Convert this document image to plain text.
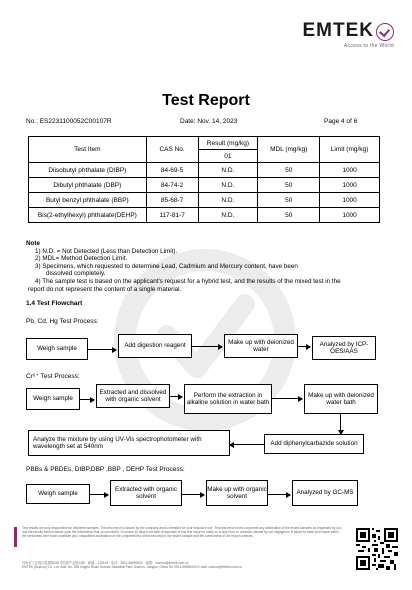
EMTEK
Access to the World
Test Report
No.: ES2231100052C00107R	Date: Nov. 14, 2023	Page 4 of 6
Test Item	CAS No.	Result (mg/kg)	MDL (mg/kg)	Limit (mg/kg)
		01		
Diisobutyl phthalate (DIBP)	84-69-5	N.D.	50	1000
Dibutyl phthalate (DBP)	84-74-2	N.D.	50	1000
Butyl benzyl phthalate (BBP)	85-68-7	N.D.	50	1000
Bis(2-ethylhexyl) phthalate(DEHP)	117-81-7	N.D.	50	1000
Note
1) N.D. = Not Detected (Less than Detection Limit).
2) MDL= Method Detection Limit.
3) Specimens, which requested to determine Lead, Cadmium and Mercury content, have been
dissolved completely.
4) The sample test is based on the applicant's request for a hybrid test, and the results of the mixed test in the
report do not represent the content of a single material.
1.4 Test Flowchart
Pb, Cd, Hg Test Process:
Weigh sample	Add digestion reagent
Make up with deionized water
Analyzed by ICP-OES/AAS
Cr⁶⁺ Test Process:
Weigh sample
Extracted and dissolved with organic solvent
Perform the extraction in alkaline solution in water bath
Make up with deionized water bath
Add diphenylcarbazide solution
Analyze the mixture by using UV-Vis spectrophotometer with wavelength set at 540nm
PBBs & PBDEs, DIBP,DBP ,BBP , DEHP Test Process:
Weigh sample
Extracted with organic solvent
Make up with organic solvent
Analyzed by GC-MS
Test results are only responsible for delivered samples. This test report is issued by the company and is intended for your exclusive use. This test report does not permit any distribution of the tested samples as requested by you and the results thereof based upon the information that you provided. You have 30 days from date of issuance of this test report to notify us of any error or omission caused by our negligence. If failure to raise such issue within the prescribed time shall constitute your unqualified acceptance of the completeness of this test report, the tested sample and the correctness of the report contents.
苏州市工业园区星湖街328号创意产业园12栋 · 邮编：215123 · 电话：0512-65890000 · 邮箱：suzhou@emtek.com.cn
EMTEK (Suzhou) Co., Ltd. Add: No. 328 Xinghu Road, Suzhou Industrial Park, Suzhou, Jiangsu, China Tel: 0512-65890000 E-mail: suzhou@emtek.com.cn
